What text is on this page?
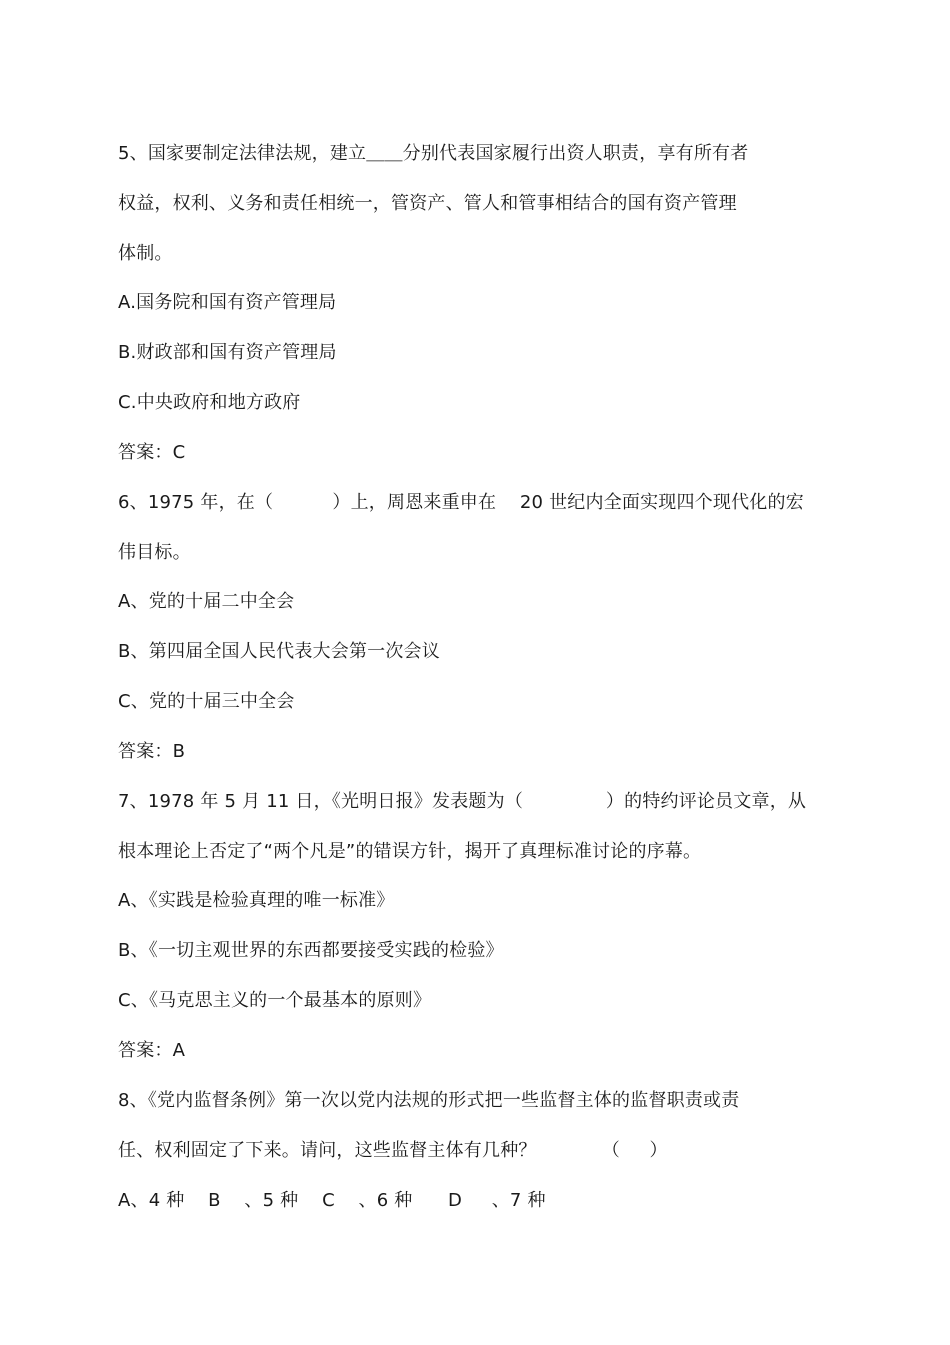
5、国家要制定法律法规，建立＿＿分别代表国家履行出资人职责，享有所有者
权益，权利、义务和责任相统一，管资产、管人和管事相结合的国有资产管理
体制。
A.国务院和国有资产管理局
B.财政部和国有资产管理局
C.中央政府和地方政府
答案：C
6、1975 年，在（          ）上，周恩来重申在    20 世纪内全面实现四个现代化的宏
伟目标。
A、党的十届二中全会
B、第四届全国人民代表大会第一次会议
C、党的十届三中全会
答案：B
7、1978 年 5 月 11 日，《光明日报》发表题为（              ）的特约评论员文章，从
根本理论上否定了“两个凡是”的错误方针，揭开了真理标准讨论的序幕。
A、《实践是检验真理的唯一标准》
B、《一切主观世界的东西都要接受实践的检验》
C、《马克思主义的一个最基本的原则》
答案：A
8、《党内监督条例》第一次以党内法规的形式把一些监督主体的监督职责或责
任、权利固定了下来。请问，这些监督主体有几种？           （     ）
A、4 种    B    、5 种    C    、6 种      D     、7 种
